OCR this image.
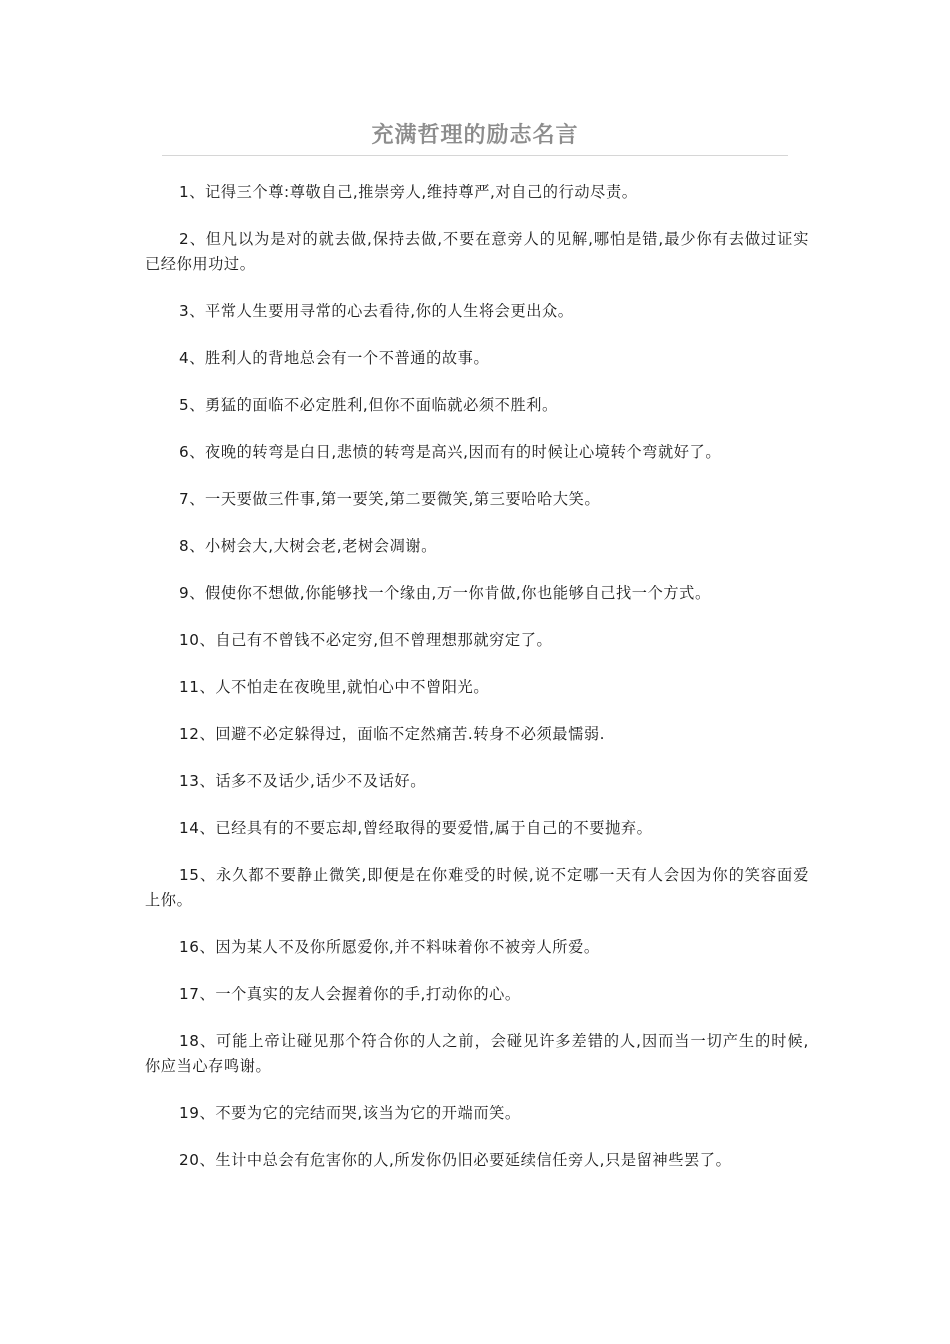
充满哲理的励志名言

1、记得三个尊:尊敬自己,推崇旁人,维持尊严,对自己的行动尽责。

2、但凡以为是对的就去做,保持去做,不要在意旁人的见解,哪怕是错,最少你有去做过证实已经你用功过。

3、平常人生要用寻常的心去看待,你的人生将会更出众。

4、胜利人的背地总会有一个不普通的故事。

5、勇猛的面临不必定胜利,但你不面临就必须不胜利。

6、夜晚的转弯是白日,悲愤的转弯是高兴,因而有的时候让心境转个弯就好了。

7、一天要做三件事,第一要笑,第二要微笑,第三要哈哈大笑。

8、小树会大,大树会老,老树会凋谢。

9、假使你不想做,你能够找一个缘由,万一你肯做,你也能够自己找一个方式。

10、自己有不曾钱不必定穷,但不曾理想那就穷定了。

11、人不怕走在夜晚里,就怕心中不曾阳光。

12、回避不必定躲得过，面临不定然痛苦.转身不必须最懦弱.

13、话多不及话少,话少不及话好。

14、已经具有的不要忘却,曾经取得的要爱惜,属于自己的不要抛弃。

15、永久都不要静止微笑,即便是在你难受的时候,说不定哪一天有人会因为你的笑容面爱上你。

16、因为某人不及你所愿爱你,并不料味着你不被旁人所爱。

17、一个真实的友人会握着你的手,打动你的心。

18、可能上帝让碰见那个符合你的人之前，会碰见许多差错的人,因而当一切产生的时候,你应当心存鸣谢。

19、不要为它的完结而哭,该当为它的开端而笑。

20、生计中总会有危害你的人,所发你仍旧必要延续信任旁人,只是留神些罢了。
